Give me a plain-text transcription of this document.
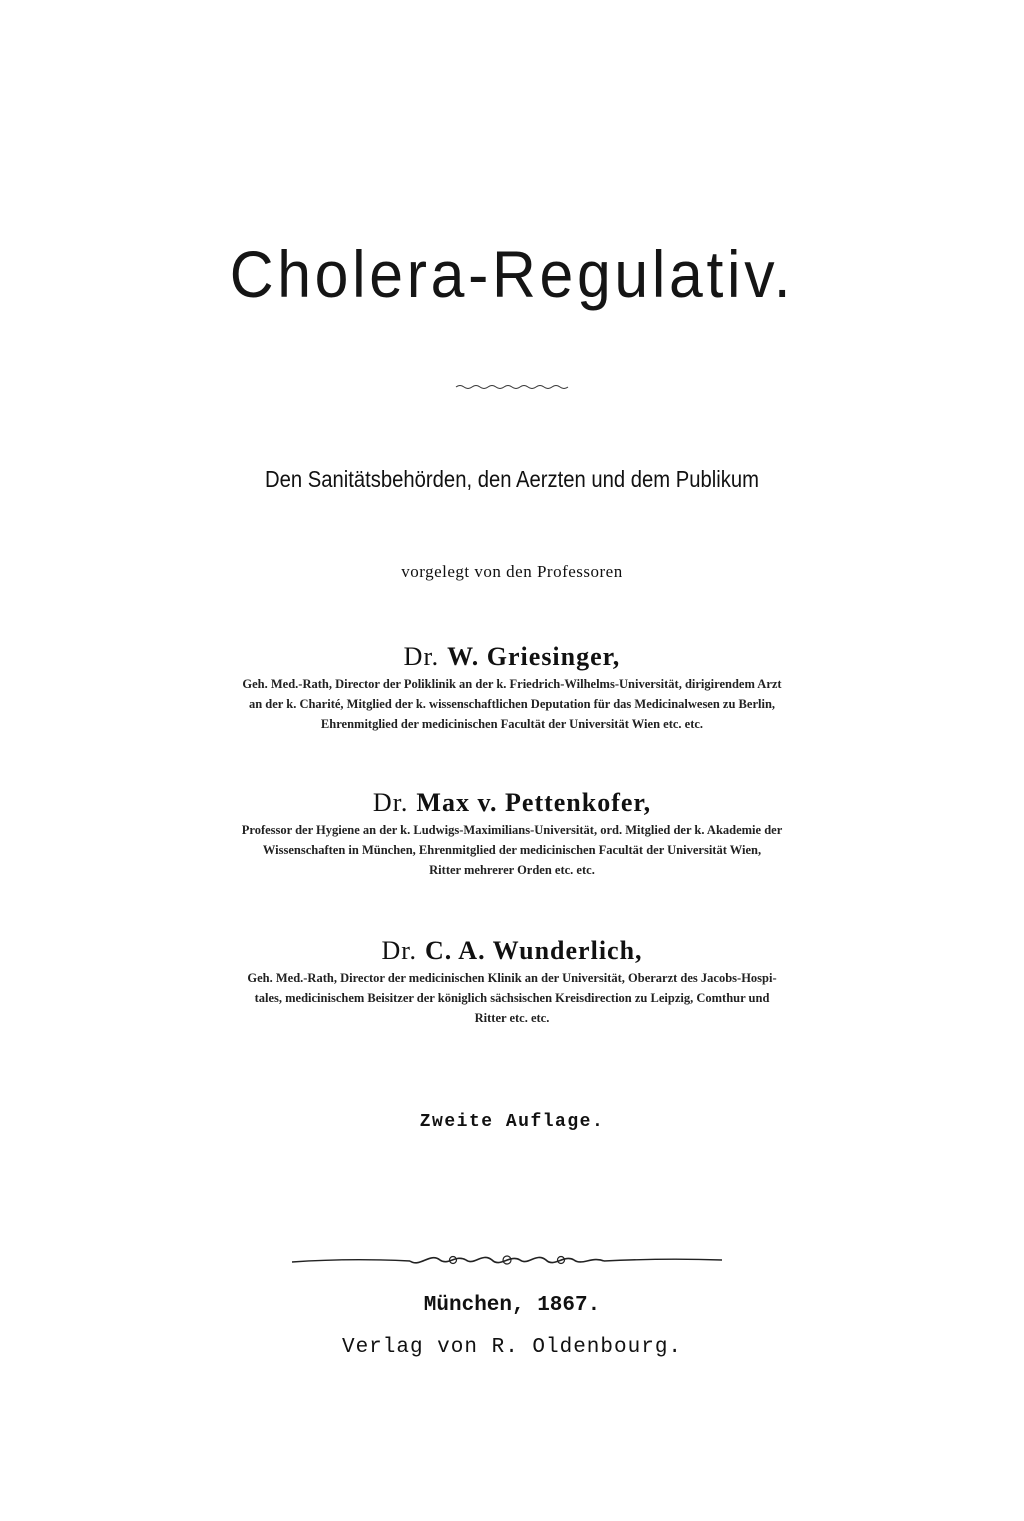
Cholera-Regulativ.
Den Sanitätsbehörden, den Aerzten und dem Publikum
vorgelegt von den Professoren
Dr. W. Griesinger,
Geh. Med.-Rath, Director der Poliklinik an der k. Friedrich-Wilhelms-Universität, dirigirendem Arzt
an der k. Charité, Mitglied der k. wissenschaftlichen Deputation für das Medicinalwesen zu Berlin,
Ehrenmitglied der medicinischen Facultät der Universität Wien etc. etc.
Dr. Max v. Pettenkofer,
Professor der Hygiene an der k. Ludwigs-Maximilians-Universität, ord. Mitglied der k. Akademie der
Wissenschaften in München, Ehrenmitglied der medicinischen Facultät der Universität Wien,
Ritter mehrerer Orden etc. etc.
Dr. C. A. Wunderlich,
Geh. Med.-Rath, Director der medicinischen Klinik an der Universität, Oberarzt des Jacobs-Hospi-
tales, medicinischem Beisitzer der königlich sächsischen Kreisdirection zu Leipzig, Comthur und
Ritter etc. etc.
Zweite Auflage.
München, 1867.
Verlag von R. Oldenbourg.
